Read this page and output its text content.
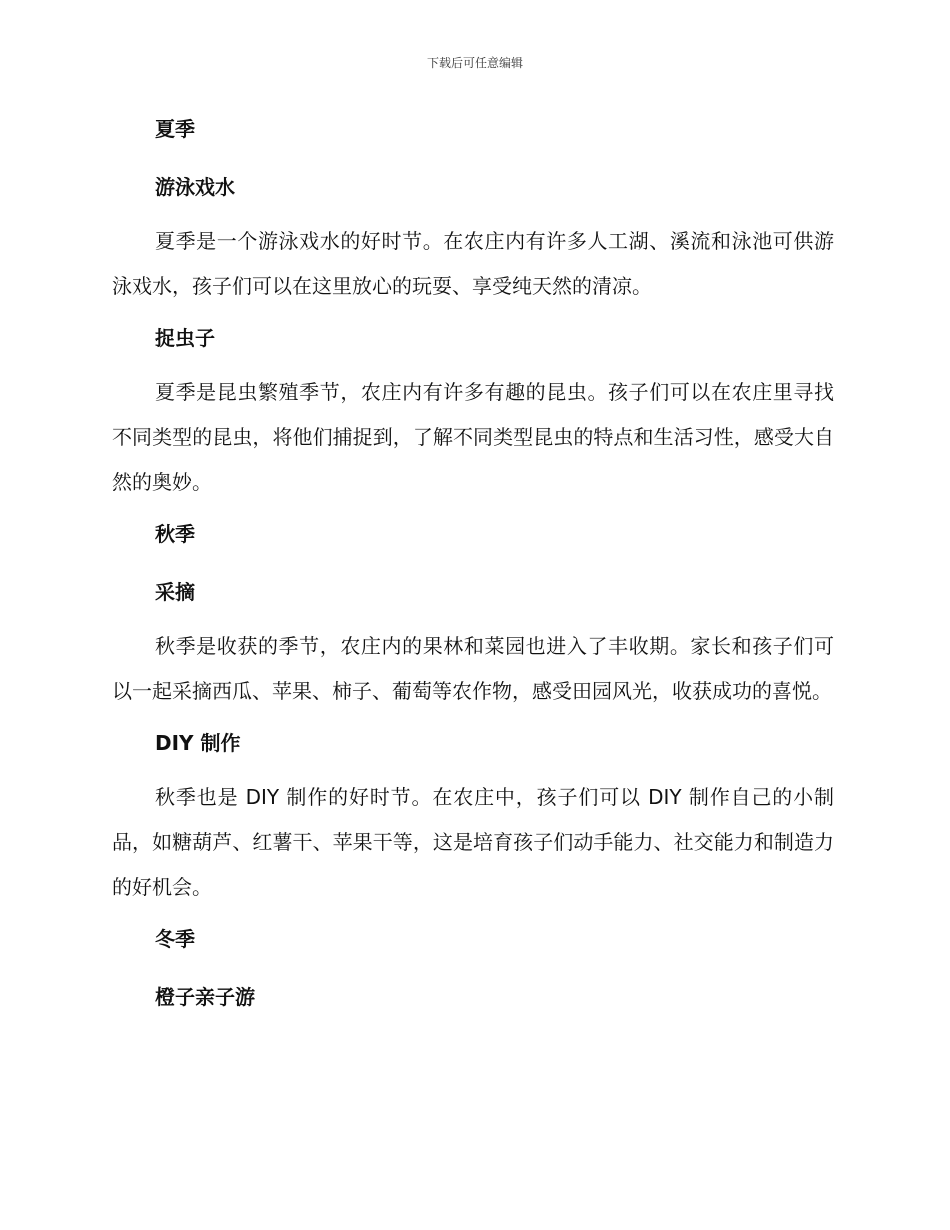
下载后可任意编辑
夏季
游泳戏水

夏季是一个游泳戏水的好时节。在农庄内有许多人工湖、溪流和泳池可供游泳戏水，孩子们可以在这里放心的玩耍、享受纯天然的清凉。

捉虫子

夏季是昆虫繁殖季节，农庄内有许多有趣的昆虫。孩子们可以在农庄里寻找不同类型的昆虫，将他们捕捉到，了解不同类型昆虫的特点和生活习性，感受大自然的奥妙。

秋季
采摘

秋季是收获的季节，农庄内的果林和菜园也进入了丰收期。家长和孩子们可以一起采摘西瓜、苹果、柿子、葡萄等农作物，感受田园风光，收获成功的喜悦。

DIY 制作

秋季也是 DIY 制作的好时节。在农庄中，孩子们可以 DIY 制作自己的小制品，如糖葫芦、红薯干、苹果干等，这是培育孩子们动手能力、社交能力和制造力的好机会。

冬季
橙子亲子游
